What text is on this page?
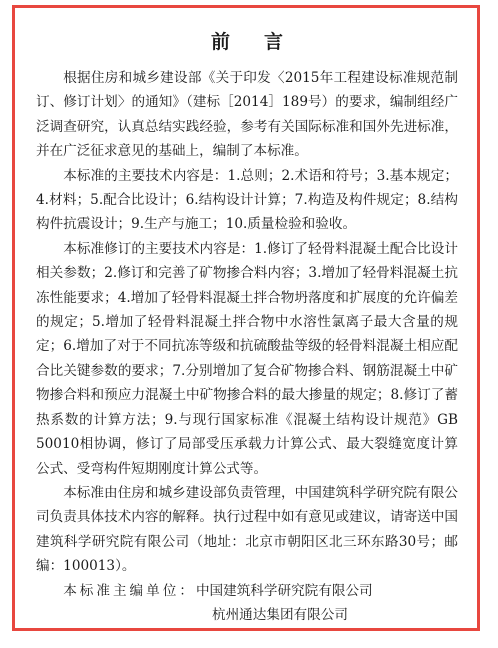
前言

根据住房和城乡建设部《关于印发〈2015年工程建设标准规范制订、修订计划〉的通知》（建标［2014］189号）的要求，编制组经广泛调查研究，认真总结实践经验，参考有关国际标准和国外先进标准，并在广泛征求意见的基础上，编制了本标准。

本标准的主要技术内容是：1.总则；2.术语和符号；3.基本规定；4.材料；5.配合比设计；6.结构设计计算；7.构造及构件规定；8.结构构件抗震设计；9.生产与施工；10.质量检验和验收。

本标准修订的主要技术内容是：1.修订了轻骨料混凝土配合比设计相关参数；2.修订和完善了矿物掺合料内容；3.增加了轻骨料混凝土抗冻性能要求；4.增加了轻骨料混凝土拌合物坍落度和扩展度的允许偏差的规定；5.增加了轻骨料混凝土拌合物中水溶性氯离子最大含量的规定；6.增加了对于不同抗冻等级和抗硫酸盐等级的轻骨料混凝土相应配合比关键参数的要求；7.分别增加了复合矿物掺合料、钢筋混凝土中矿物掺合料和预应力混凝土中矿物掺合料的最大掺量的规定；8.修订了蓄热系数的计算方法；9.与现行国家标准《混凝土结构设计规范》GB 50010相协调，修订了局部受压承载力计算公式、最大裂缝宽度计算公式、受弯构件短期刚度计算公式等。

本标准由住房和城乡建设部负责管理，中国建筑科学研究院有限公司负责具体技术内容的解释。执行过程中如有意见或建议，请寄送中国建筑科学研究院有限公司（地址：北京市朝阳区北三环东路30号；邮编：100013）。

本标准主编单位：中国建筑科学研究院有限公司
杭州通达集团有限公司
